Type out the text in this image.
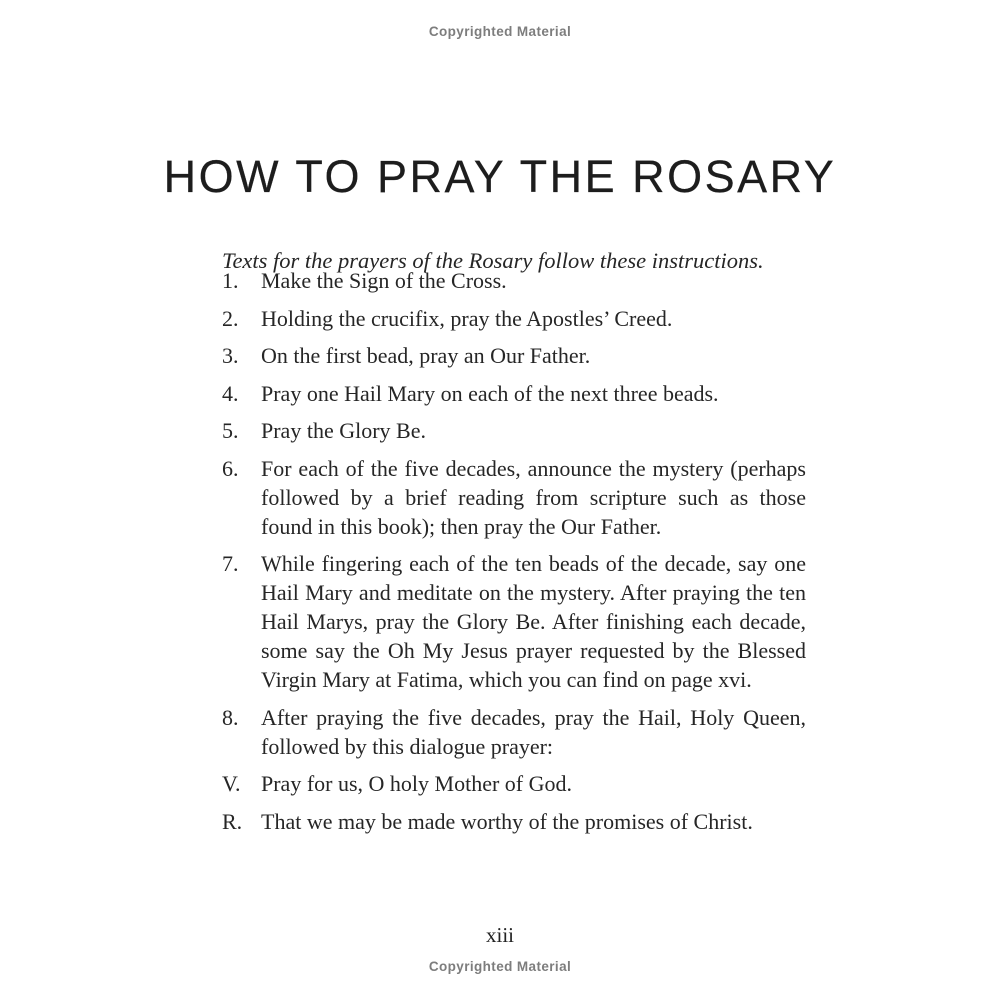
Copyrighted Material
HOW TO PRAY THE ROSARY

Texts for the prayers of the Rosary follow these instructions.

1.	Make the Sign of the Cross.
2.	Holding the crucifix, pray the Apostles’ Creed.
3.	On the first bead, pray an Our Father.
4.	Pray one Hail Mary on each of the next three beads.
5.	Pray the Glory Be.
6.	For each of the five decades, announce the mystery (perhaps followed by a brief reading from scripture such as those found in this book); then pray the Our Father.
7.	While fingering each of the ten beads of the decade, say one Hail Mary and meditate on the mystery. After praying the ten Hail Marys, pray the Glory Be. After finishing each decade, some say the Oh My Jesus prayer requested by the Blessed Virgin Mary at Fatima, which you can find on page xvi.
8.	After praying the five decades, pray the Hail, Holy Queen, followed by this dialogue prayer:
V. Pray for us, O holy Mother of God.
R. That we may be made worthy of the promises of Christ.
xiii
Copyrighted Material
